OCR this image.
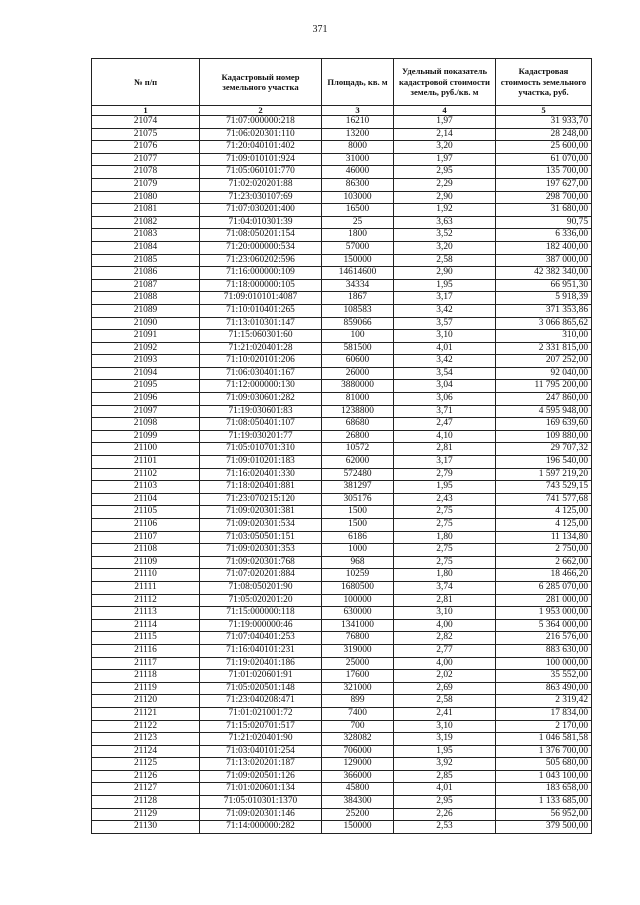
371
№ п/п	Кадастровый номер земельного участка	Площадь, кв. м	Удельный показатель кадастровой стоимости земель, руб./кв. м	Кадастровая стоимость земельного участка, руб.
1	2	3	4	5
21074	71:07:000000:218	16210	1,97	31 933,70
21075	71:06:020301:110	13200	2,14	28 248,00
21076	71:20:040101:402	8000	3,20	25 600,00
21077	71:09:010101:924	31000	1,97	61 070,00
21078	71:05:060101:770	46000	2,95	135 700,00
21079	71:02:020201:88	86300	2,29	197 627,00
21080	71:23:030107:69	103000	2,90	298 700,00
21081	71:07:030201:400	16500	1,92	31 680,00
21082	71:04:010301:39	25	3,63	90,75
21083	71:08:050201:154	1800	3,52	6 336,00
21084	71:20:000000:534	57000	3,20	182 400,00
21085	71:23:060202:596	150000	2,58	387 000,00
21086	71:16:000000:109	14614600	2,90	42 382 340,00
21087	71:18:000000:105	34334	1,95	66 951,30
21088	71:09:010101:4087	1867	3,17	5 918,39
21089	71:10:010401:265	108583	3,42	371 353,86
21090	71:13:010301:147	859066	3,57	3 066 865,62
21091	71:15:060301:60	100	3,10	310,00
21092	71:21:020401:28	581500	4,01	2 331 815,00
21093	71:10:020101:206	60600	3,42	207 252,00
21094	71:06:030401:167	26000	3,54	92 040,00
21095	71:12:000000:130	3880000	3,04	11 795 200,00
21096	71:09:030601:282	81000	3,06	247 860,00
21097	71:19:030601:83	1238800	3,71	4 595 948,00
21098	71:08:050401:107	68680	2,47	169 639,60
21099	71:19:030201:77	26800	4,10	109 880,00
21100	71:05:010701:310	10572	2,81	29 707,32
21101	71:09:010201:183	62000	3,17	196 540,00
21102	71:16:020401:330	572480	2,79	1 597 219,20
21103	71:18:020401:881	381297	1,95	743 529,15
21104	71:23:070215:120	305176	2,43	741 577,68
21105	71:09:020301:381	1500	2,75	4 125,00
21106	71:09:020301:534	1500	2,75	4 125,00
21107	71:03:050501:151	6186	1,80	11 134,80
21108	71:09:020301:353	1000	2,75	2 750,00
21109	71:09:020301:768	968	2,75	2 662,00
21110	71:07:020201:884	10259	1,80	18 466,20
21111	71:08:050201:90	1680500	3,74	6 285 070,00
21112	71:05:020201:20	100000	2,81	281 000,00
21113	71:15:000000:118	630000	3,10	1 953 000,00
21114	71:19:000000:46	1341000	4,00	5 364 000,00
21115	71:07:040401:253	76800	2,82	216 576,00
21116	71:16:040101:231	319000	2,77	883 630,00
21117	71:19:020401:186	25000	4,00	100 000,00
21118	71:01:020601:91	17600	2,02	35 552,00
21119	71:05:020501:148	321000	2,69	863 490,00
21120	71:23:040208:471	899	2,58	2 319,42
21121	71:01:021001:72	7400	2,41	17 834,00
21122	71:15:020701:517	700	3,10	2 170,00
21123	71:21:020401:90	328082	3,19	1 046 581,58
21124	71:03:040101:254	706000	1,95	1 376 700,00
21125	71:13:020201:187	129000	3,92	505 680,00
21126	71:09:020501:126	366000	2,85	1 043 100,00
21127	71:01:020601:134	45800	4,01	183 658,00
21128	71:05:010301:1370	384300	2,95	1 133 685,00
21129	71:09:020301:146	25200	2,26	56 952,00
21130	71:14:000000:282	150000	2,53	379 500,00
